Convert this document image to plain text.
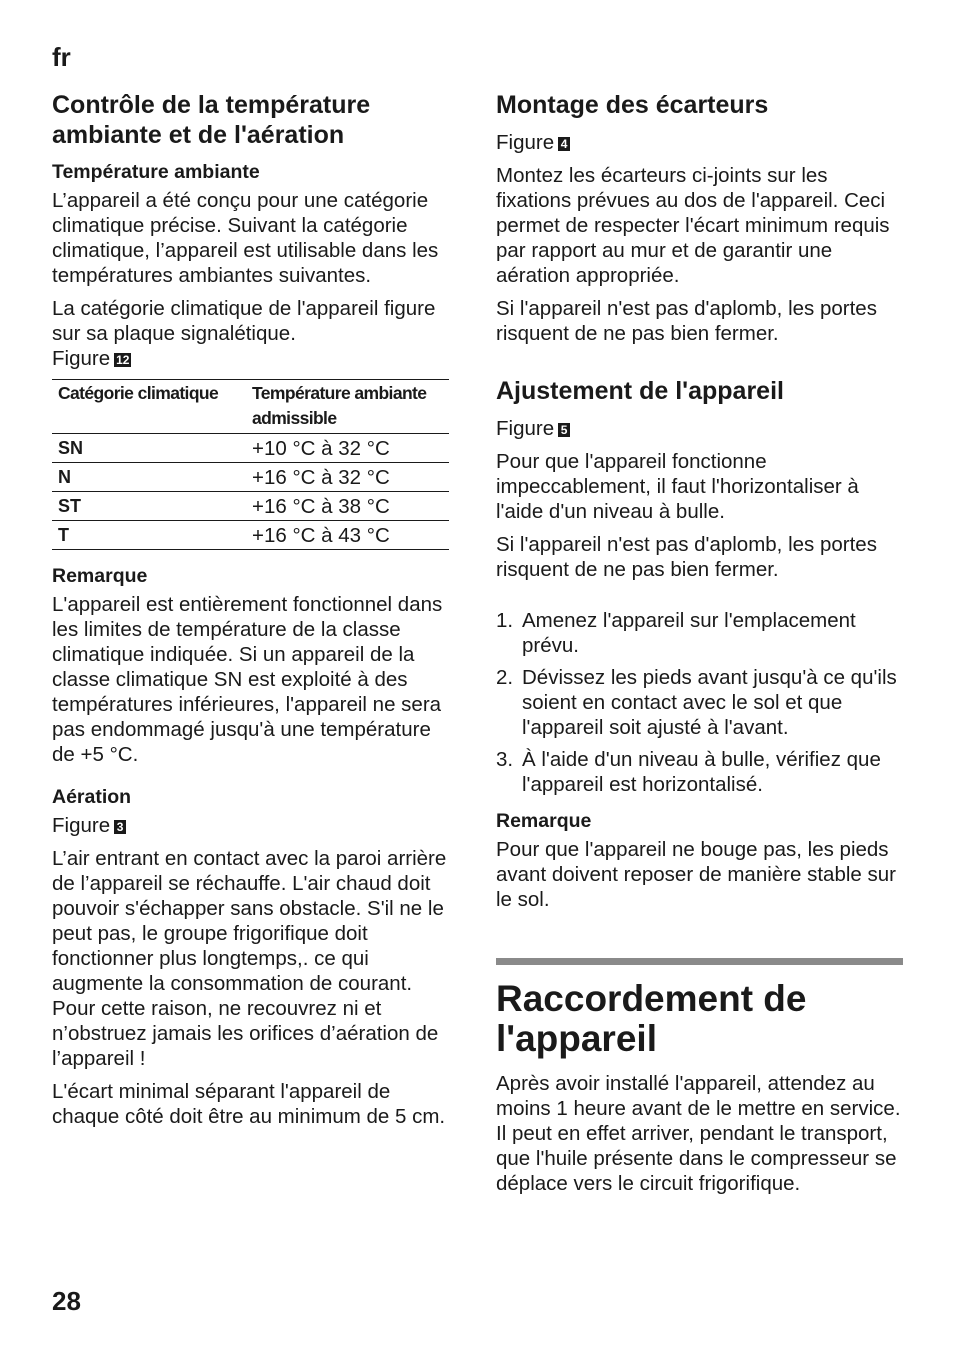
fr
Contrôle de la température ambiante et de l'aération
Température ambiante

L’appareil a été conçu pour une catégorie climatique précise. Suivant la catégorie climatique, l’appareil est utilisable dans les températures ambiantes suivantes.

La catégorie climatique de l'appareil figure sur sa plaque signalétique.

Figure 12
Catégorie climatique	Température ambiante admissible
SN	+10 °C à 32 °C
N	+16 °C à 32 °C
ST	+16 °C à 38 °C
T	+16 °C à 43 °C
Remarque

L'appareil est entièrement fonctionnel dans les limites de température de la classe climatique indiquée. Si un appareil de la classe climatique SN est exploité à des températures inférieures, l'appareil ne sera pas endommagé jusqu'à une température de +5 °C.

Aération
Figure 3

L’air entrant en contact avec la paroi arrière de l’appareil se réchauffe. L'air chaud doit pouvoir s'échapper sans obstacle. S'il ne le peut pas, le groupe frigorifique doit fonctionner plus longtemps,. ce qui augmente la consommation de courant. Pour cette raison, ne recouvrez ni et n’obstruez jamais les orifices d’aération de l’appareil !

L'écart minimal séparant l'appareil de chaque côté doit être au minimum de 5 cm.

Montage des écarteurs
Figure 4

Montez les écarteurs ci-joints sur les fixations prévues au dos de l'appareil. Ceci permet de respecter l'écart minimum requis par rapport au mur et de garantir une aération appropriée.

Si l'appareil n'est pas d'aplomb, les portes risquent de ne pas bien fermer.

Ajustement de l'appareil
Figure 5

Pour que l'appareil fonctionne impeccablement, il faut l'horizontaliser à l'aide d'un niveau à bulle.

Si l'appareil n'est pas d'aplomb, les portes risquent de ne pas bien fermer.

1. Amenez l'appareil sur l'emplacement prévu.
2. Dévissez les pieds avant jusqu'à ce qu'ils soient en contact avec le sol et que l'appareil soit ajusté à l'avant.
3. À l'aide d'un niveau à bulle, vérifiez que l'appareil est horizontalisé.
Remarque

Pour que l'appareil ne bouge pas, les pieds avant doivent reposer de manière stable sur le sol.

Raccordement de l'appareil

Après avoir installé l'appareil, attendez au moins 1 heure avant de le mettre en service. Il peut en effet arriver, pendant le transport, que l'huile présente dans le compresseur se déplace vers le circuit frigorifique.

28
